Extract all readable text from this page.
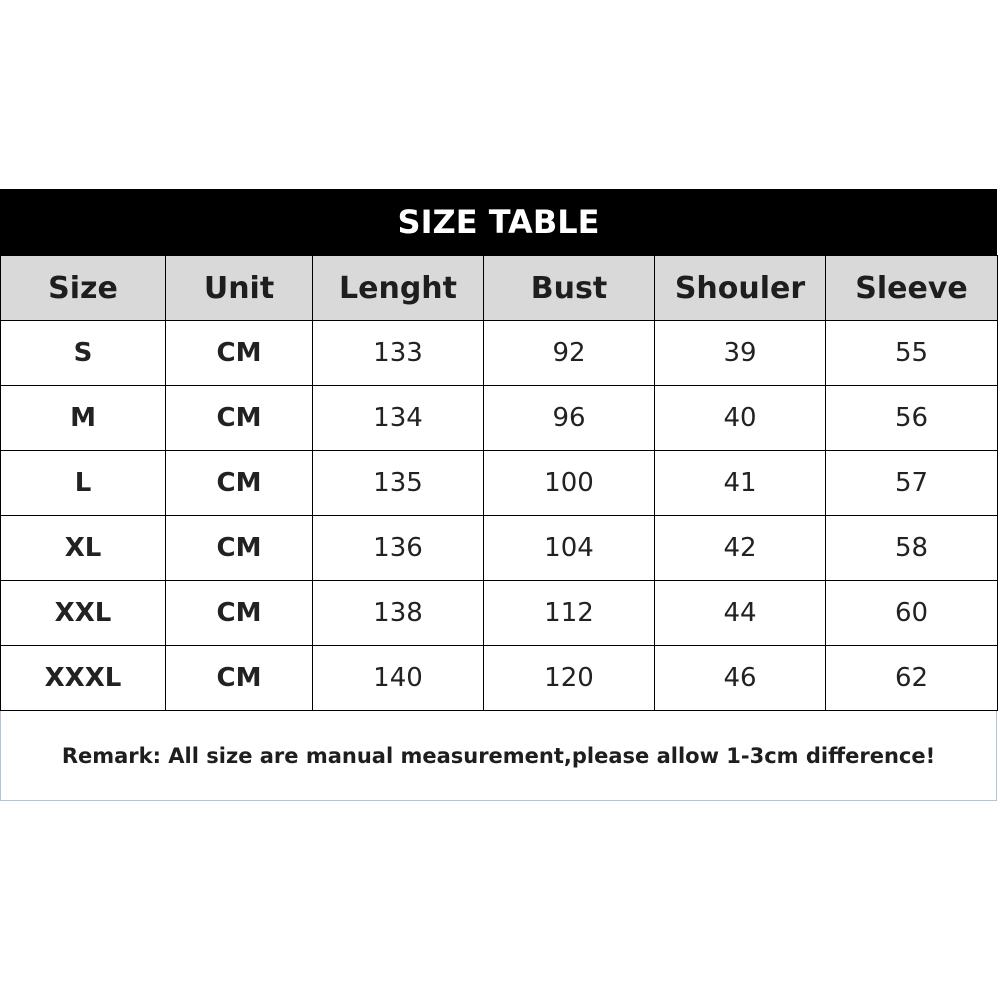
SIZE TABLE
Size	Unit	Lenght	Bust	Shouler	Sleeve
S	CM	133	92	39	55
M	CM	134	96	40	56
L	CM	135	100	41	57
XL	CM	136	104	42	58
XXL	CM	138	112	44	60
XXXL	CM	140	120	46	62
Remark: All size are manual measurement,please allow 1-3cm difference!
